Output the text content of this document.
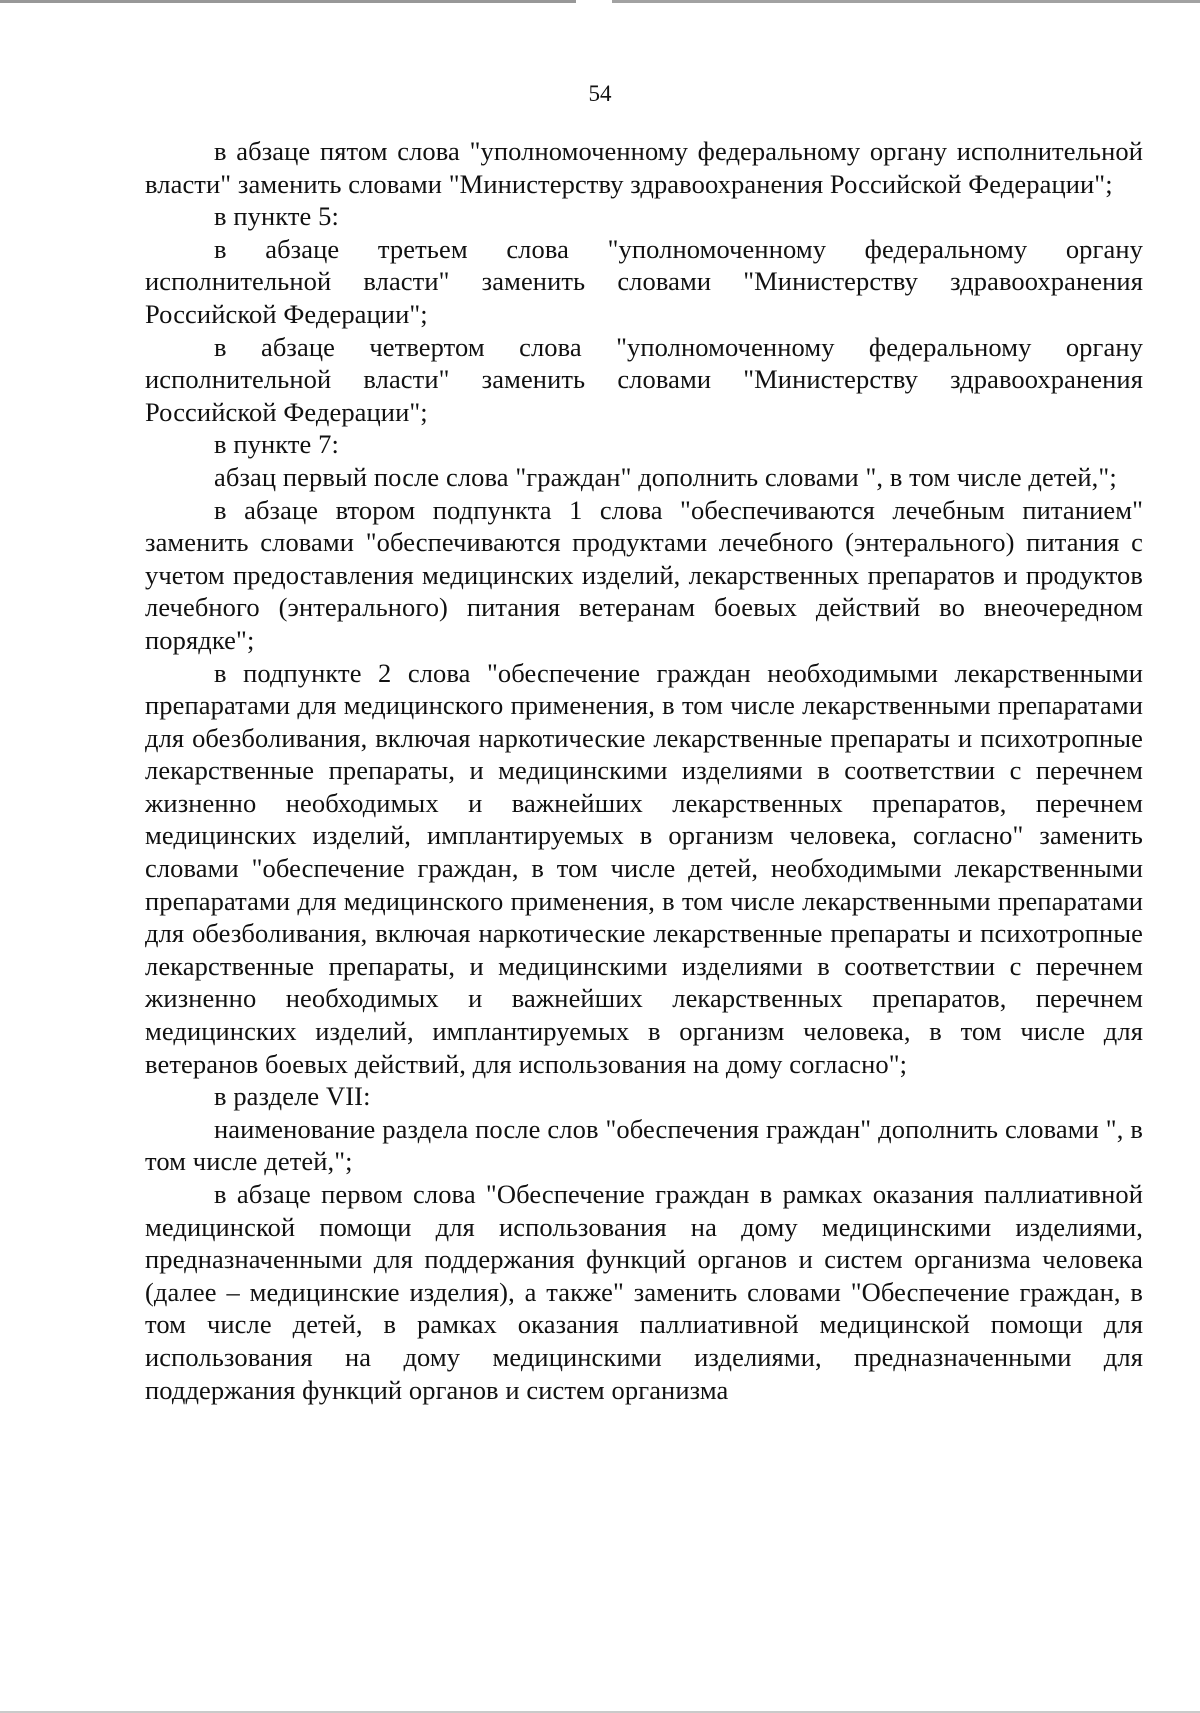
54

в абзаце пятом слова "уполномоченному федеральному органу исполнительной власти" заменить словами "Министерству здравоохранения Российской Федерации";

в пункте 5:

в абзаце третьем слова "уполномоченному федеральному органу исполнительной власти" заменить словами "Министерству здравоохранения Российской Федерации";

в абзаце четвертом слова "уполномоченному федеральному органу исполнительной власти" заменить словами "Министерству здравоохранения Российской Федерации";

в пункте 7:

абзац первый после слова "граждан" дополнить словами ", в том числе детей,";

в абзаце втором подпункта 1 слова "обеспечиваются лечебным питанием" заменить словами "обеспечиваются продуктами лечебного (энтерального) питания с учетом предоставления медицинских изделий, лекарственных препаратов и продуктов лечебного (энтерального) питания ветеранам боевых действий во внеочередном порядке";

в подпункте 2 слова "обеспечение граждан необходимыми лекарственными препаратами для медицинского применения, в том числе лекарственными препаратами для обезболивания, включая наркотические лекарственные препараты и психотропные лекарственные препараты, и медицинскими изделиями в соответствии с перечнем жизненно необходимых и важнейших лекарственных препаратов, перечнем медицинских изделий, имплантируемых в организм человека, согласно" заменить словами "обеспечение граждан, в том числе детей, необходимыми лекарственными препаратами для медицинского применения, в том числе лекарственными препаратами для обезболивания, включая наркотические лекарственные препараты и психотропные лекарственные препараты, и медицинскими изделиями в соответствии с перечнем жизненно необходимых и важнейших лекарственных препаратов, перечнем медицинских изделий, имплантируемых в организм человека, в том числе для ветеранов боевых действий, для использования на дому согласно";

в разделе VII:

наименование раздела после слов "обеспечения граждан" дополнить словами ", в том числе детей,";

в абзаце первом слова "Обеспечение граждан в рамках оказания паллиативной медицинской помощи для использования на дому медицинскими изделиями, предназначенными для поддержания функций органов и систем организма человека (далее – медицинские изделия), а также" заменить словами "Обеспечение граждан, в том числе детей, в рамках оказания паллиативной медицинской помощи для использования на дому медицинскими изделиями, предназначенными для поддержания функций органов и систем организма
